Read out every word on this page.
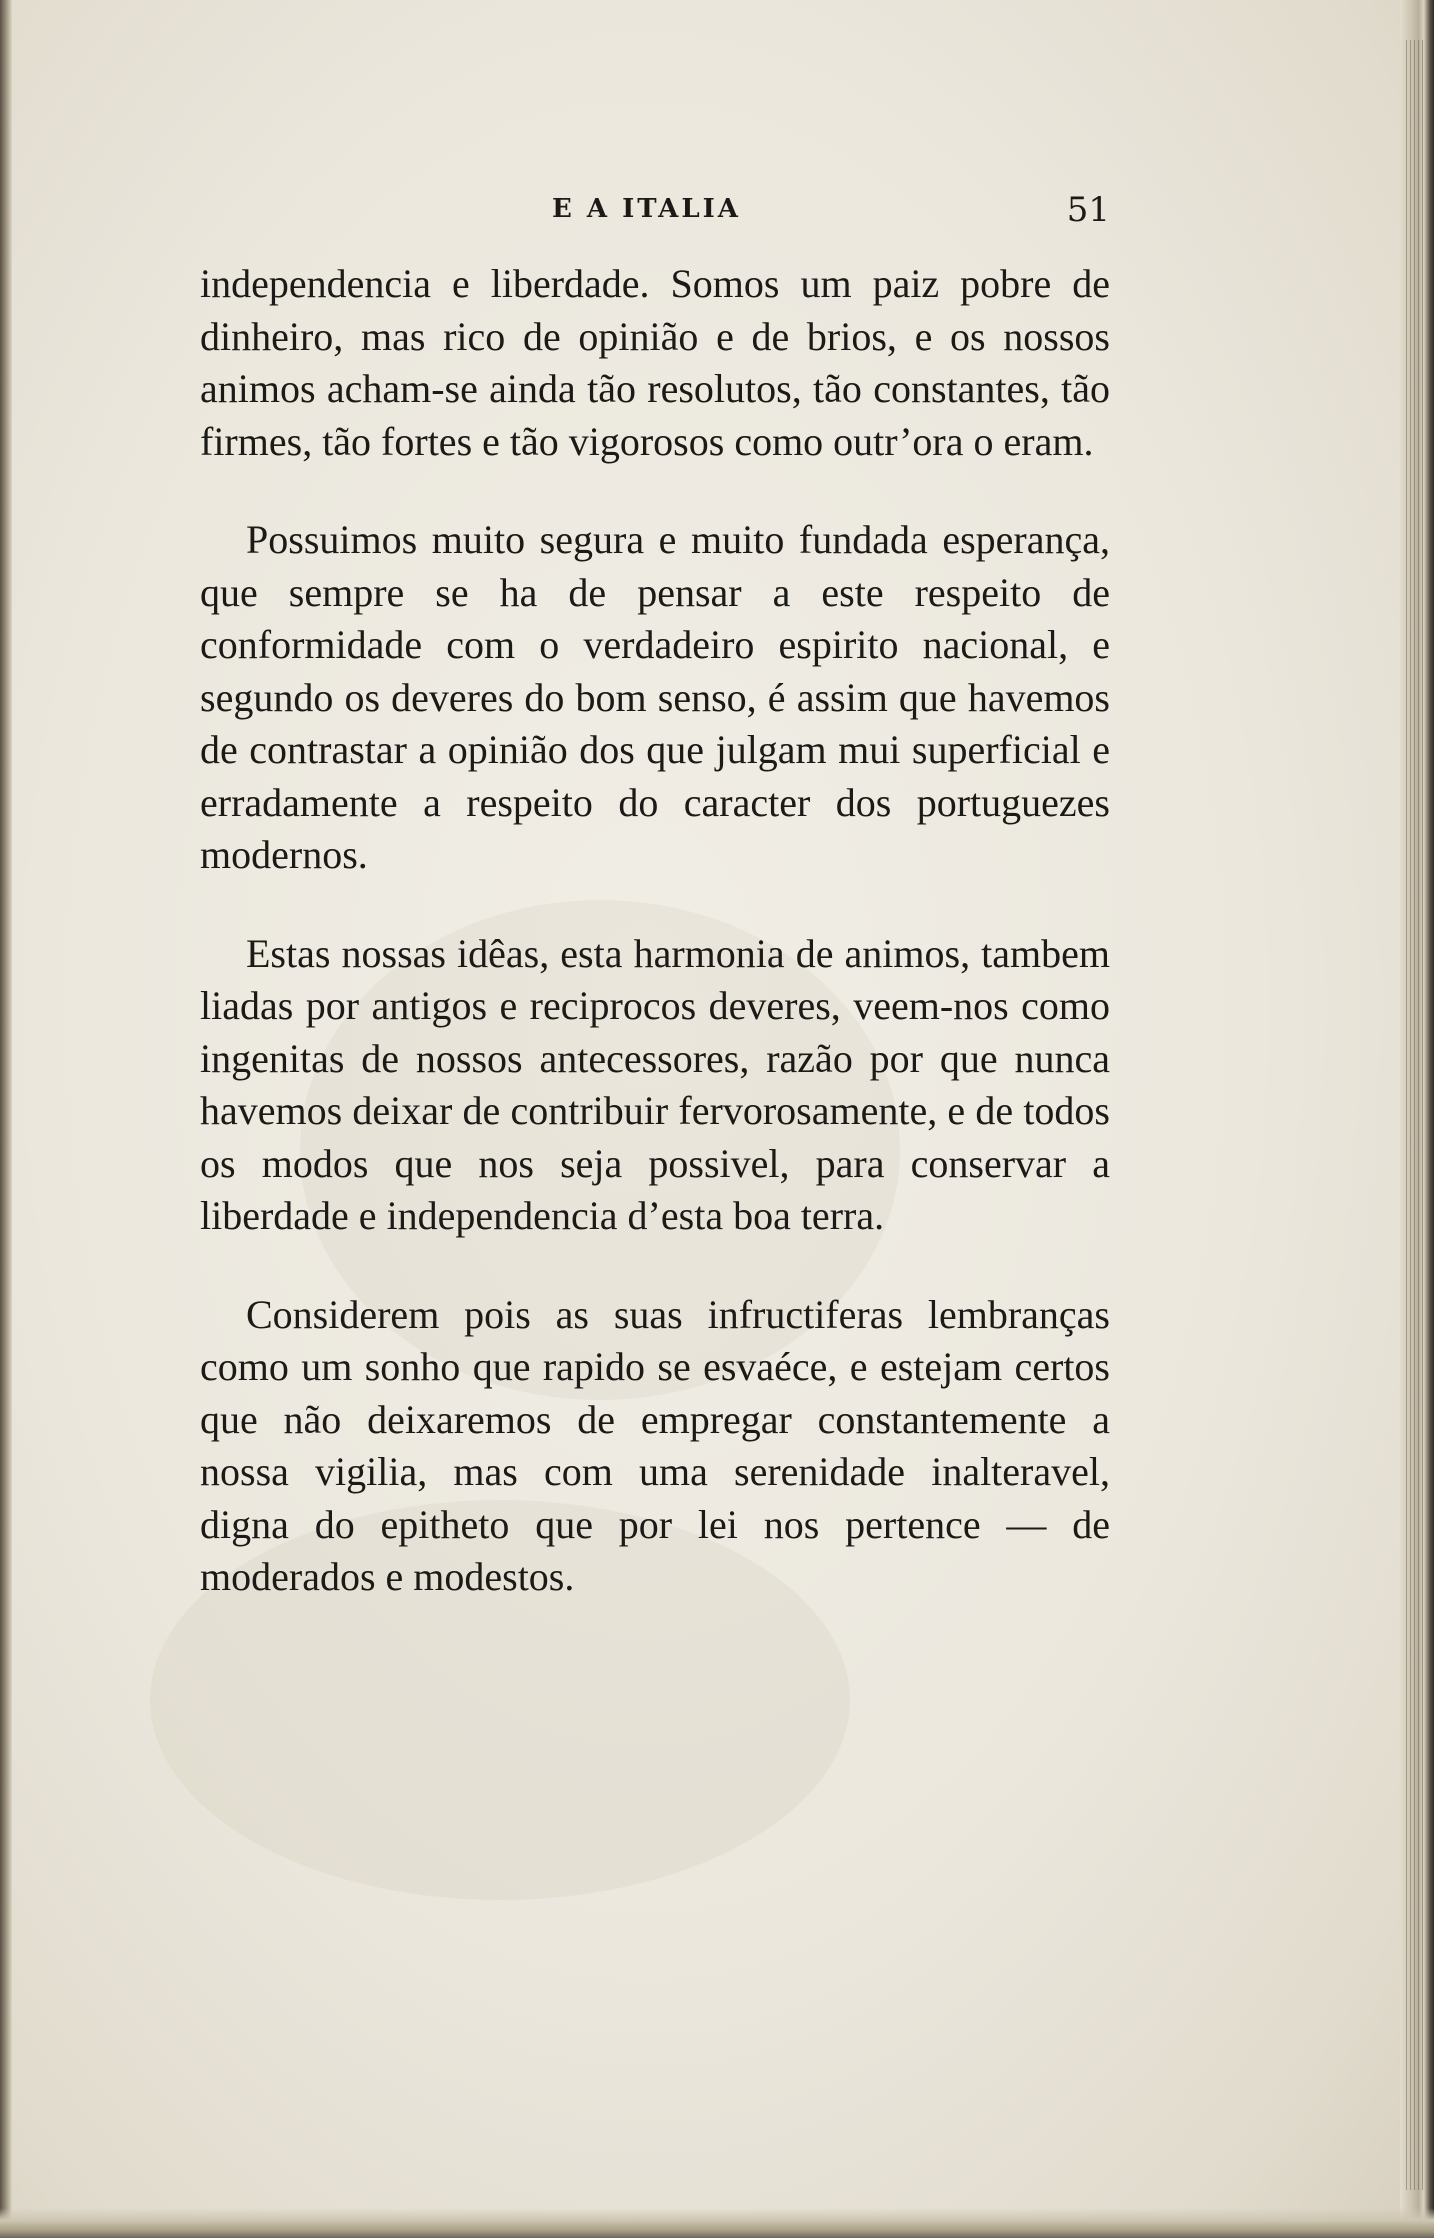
E A ITALIA	51

independencia e liberdade. Somos um paiz pobre de dinheiro, mas rico de opinião e de brios, e os nossos animos acham-se ainda tão resolutos, tão constantes, tão firmes, tão fortes e tão vigorosos como outr’ora o eram.

Possuimos muito segura e muito fundada esperança, que sempre se ha de pensar a este respeito de conformidade com o verdadeiro espirito nacional, e segundo os deveres do bom senso, é assim que havemos de contrastar a opinião dos que julgam mui superficial e erradamente a respeito do caracter dos portuguezes modernos.

Estas nossas idêas, esta harmonia de animos, tambem liadas por antigos e reciprocos deveres, veem-nos como ingenitas de nossos antecessores, razão por que nunca havemos deixar de contribuir fervorosamente, e de todos os modos que nos seja possivel, para conservar a liberdade e independencia d’esta boa terra.

Considerem pois as suas infructiferas lembranças como um sonho que rapido se esvaéce, e estejam certos que não deixaremos de empregar constantemente a nossa vigilia, mas com uma serenidade inalteravel, digna do epitheto que por lei nos pertence — de moderados e modestos.
